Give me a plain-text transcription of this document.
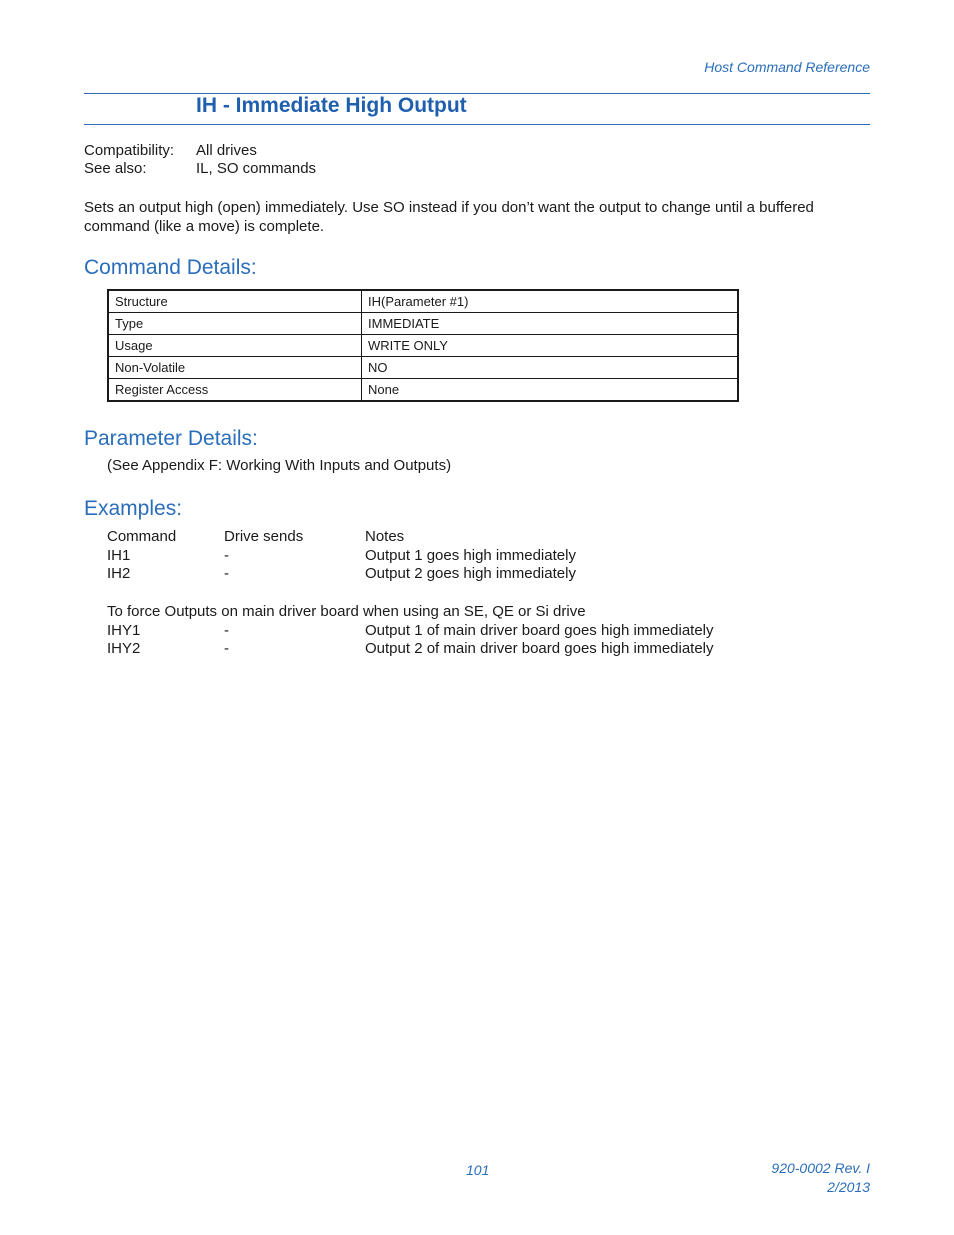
Host Command Reference
IH - Immediate High Output
Compatibility: All drives
See also:	IL, SO commands
Sets an output high (open) immediately. Use SO instead if you don’t want the output to change until a buffered command (like a move) is complete.
Command Details:
Structure	IH(Parameter #1)
Type	IMMEDIATE
Usage	WRITE ONLY
Non-Volatile	NO
Register Access	None
Parameter Details:
(See Appendix F: Working With Inputs and Outputs)
Examples:
Command	Drive sends	Notes
IH1	-	Output 1 goes high immediately
IH2	-	Output 2 goes high immediately
To force Outputs on main driver board when using an SE, QE or Si drive
IHY1	-	Output 1 of main driver board goes high immediately
IHY2	-	Output 2 of main driver board goes high immediately
101	920-0002 Rev. I
2/2013
